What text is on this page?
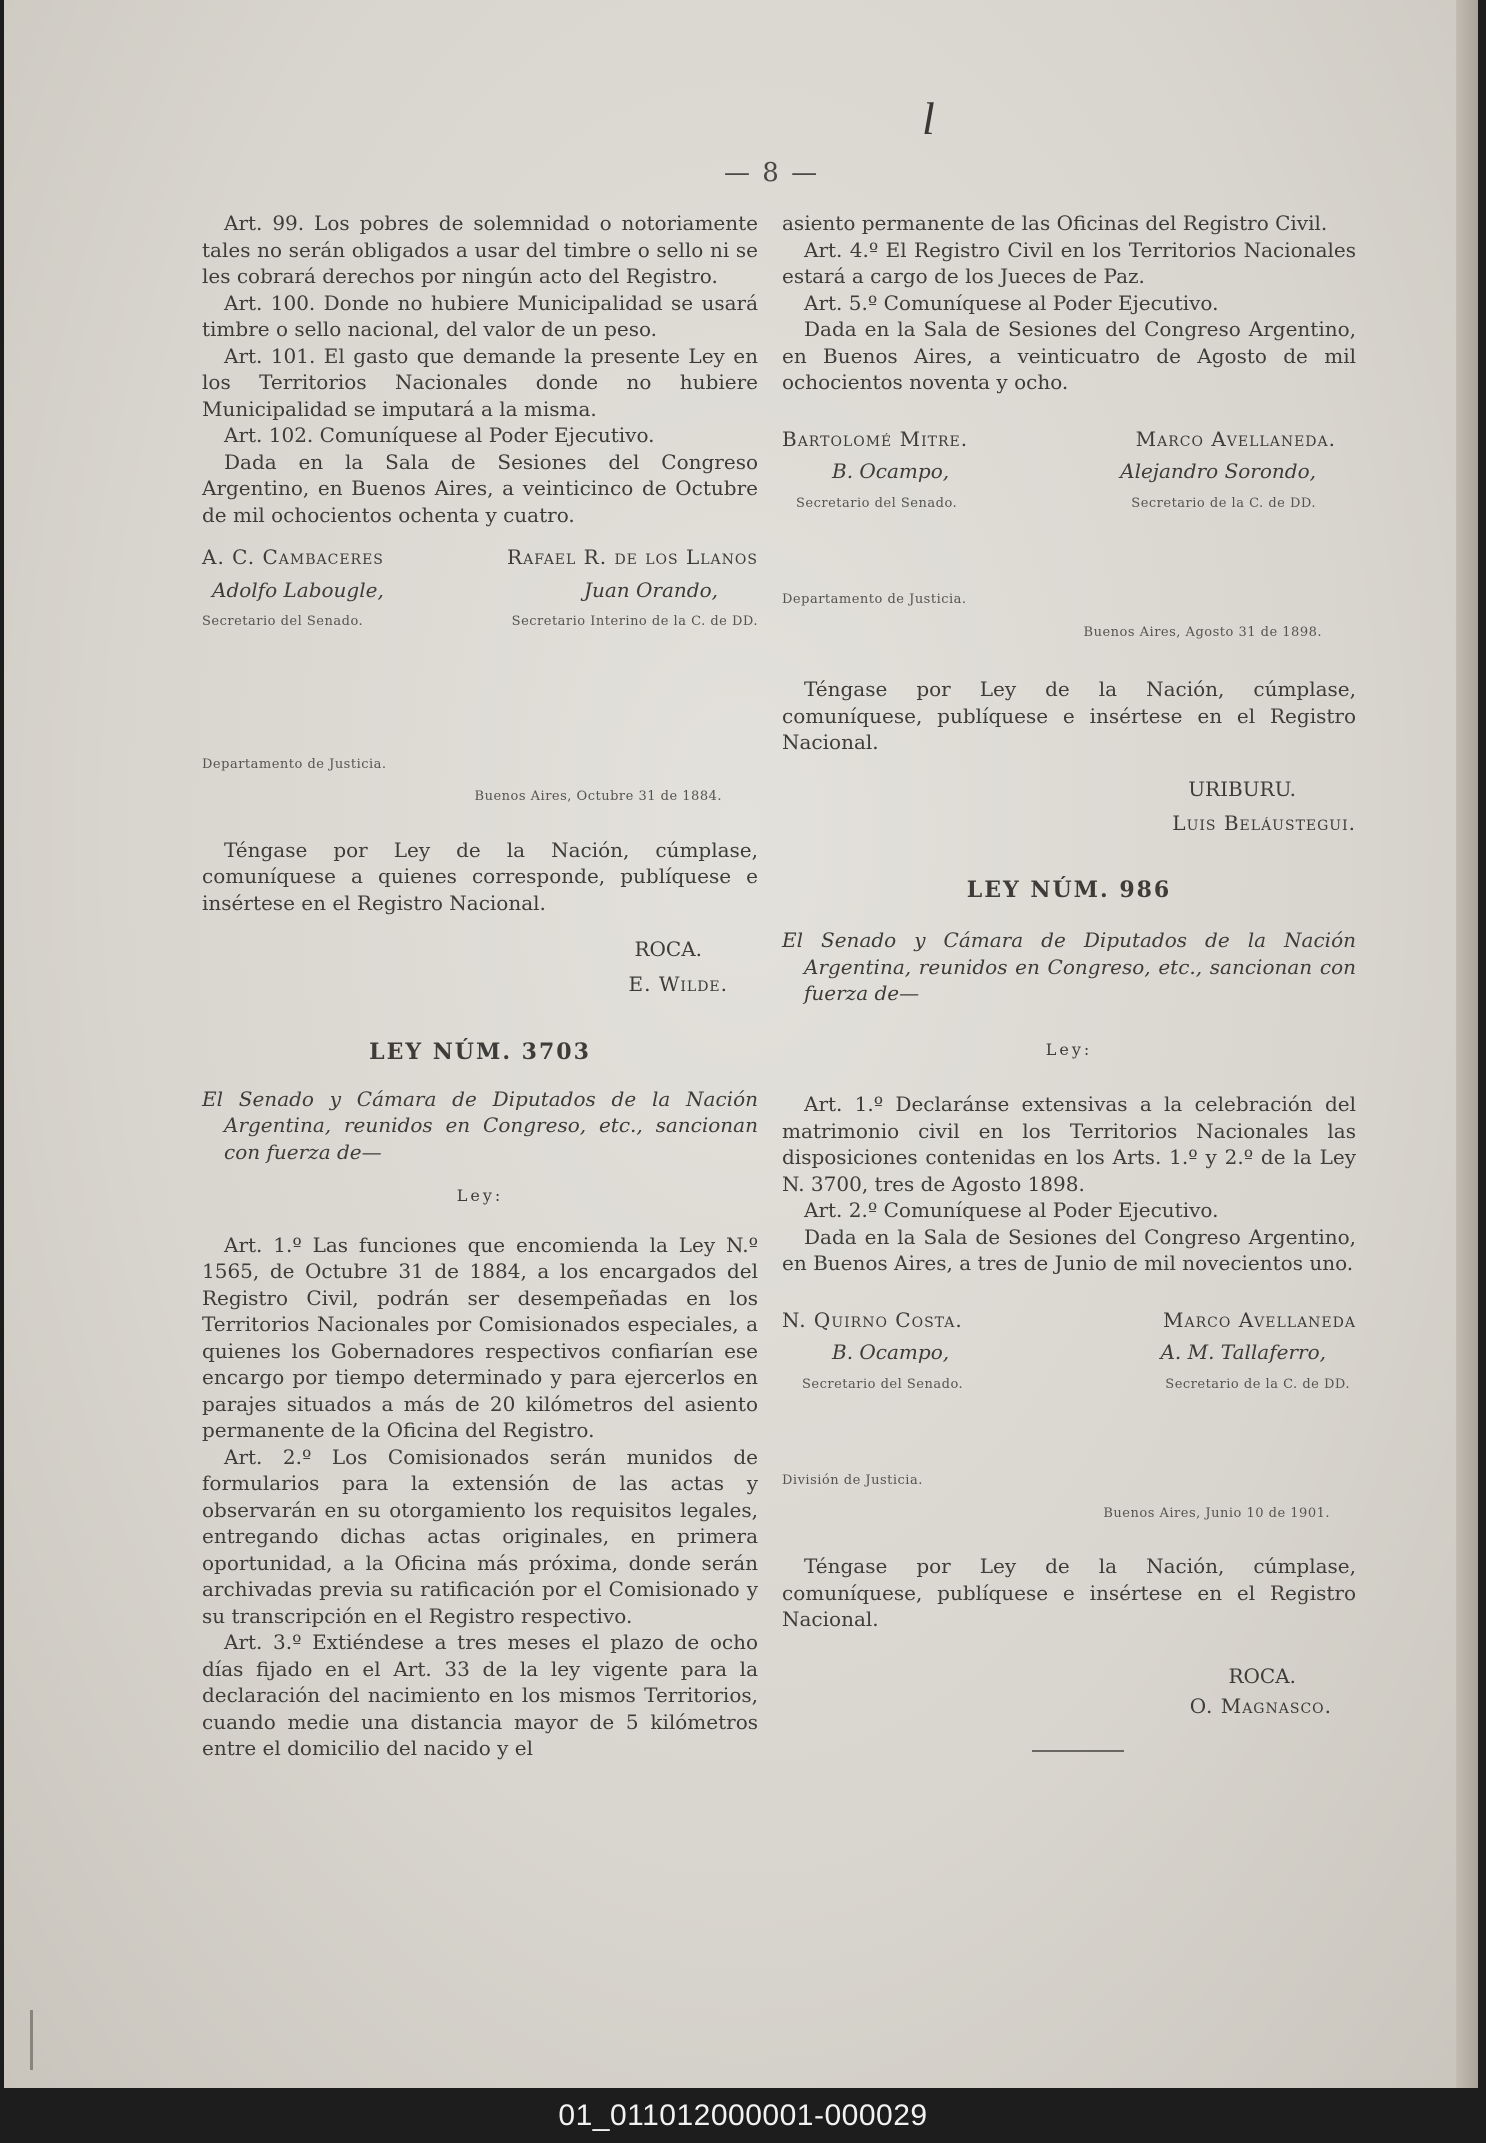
l
— 8 —

Art. 99. Los pobres de solemnidad o notoriamente tales no serán obligados a usar del timbre o sello ni se les cobrará derechos por ningún acto del Registro.

Art. 100. Donde no hubiere Municipalidad se usará timbre o sello nacional, del valor de un peso.

Art. 101. El gasto que demande la presente Ley en los Territorios Nacionales donde no hubiere Municipalidad se imputará a la misma.

Art. 102. Comuníquese al Poder Ejecutivo.

Dada en la Sala de Sesiones del Congreso Argentino, en Buenos Aires, a veinticinco de Octubre de mil ochocientos ochenta y cuatro.

A. C. Cambaceres	Rafael R. de los Llanos
Adolfo Labougle,	Juan Orando,
Secretario del Senado.	Secretario Interino de la C. de DD.

Departamento de Justicia.

Buenos Aires, Octubre 31 de 1884.

Téngase por Ley de la Nación, cúmplase, comuníquese a quienes corresponde, publíquese e insértese en el Registro Nacional.

ROCA.

E. Wilde.

LEY NÚM. 3703

El Senado y Cámara de Diputados de la Nación Argentina, reunidos en Congreso, etc., sancionan con fuerza de—

Ley:

Art. 1.º Las funciones que encomienda la Ley N.º 1565, de Octubre 31 de 1884, a los encargados del Registro Civil, podrán ser desempeñadas en los Territorios Nacionales por Comisionados especiales, a quienes los Gobernadores respectivos confiarían ese encargo por tiempo determinado y para ejercerlos en parajes situados a más de 20 kilómetros del asiento permanente de la Oficina del Registro.

Art. 2.º Los Comisionados serán munidos de formularios para la extensión de las actas y observarán en su otorgamiento los requisitos legales, entregando dichas actas originales, en primera oportunidad, a la Oficina más próxima, donde serán archivadas previa su ratificación por el Comisionado y su transcripción en el Registro respectivo.

Art. 3.º Extiéndese a tres meses el plazo de ocho días fijado en el Art. 33 de la ley vigente para la declaración del nacimiento en los mismos Territorios, cuando medie una distancia mayor de 5 kilómetros entre el domicilio del nacido y el

asiento permanente de las Oficinas del Registro Civil.

Art. 4.º El Registro Civil en los Territorios Nacionales estará a cargo de los Jueces de Paz.

Art. 5.º Comuníquese al Poder Ejecutivo.

Dada en la Sala de Sesiones del Congreso Argentino, en Buenos Aires, a veinticuatro de Agosto de mil ochocientos noventa y ocho.

Bartolomé Mitre.	Marco Avellaneda.
B. Ocampo,	Alejandro Sorondo,
Secretario del Senado.	Secretario de la C. de DD.

Departamento de Justicia.

Buenos Aires, Agosto 31 de 1898.

Téngase por Ley de la Nación, cúmplase, comuníquese, publíquese e insértese en el Registro Nacional.

URIBURU.

Luis Beláustegui.

LEY NÚM. 986

El Senado y Cámara de Diputados de la Nación Argentina, reunidos en Congreso, etc., sancionan con fuerza de—

Ley:

Art. 1.º Declaránse extensivas a la celebración del matrimonio civil en los Territorios Nacionales las disposiciones contenidas en los Arts. 1.º y 2.º de la Ley N. 3700, tres de Agosto 1898.

Art. 2.º Comuníquese al Poder Ejecutivo.

Dada en la Sala de Sesiones del Congreso Argentino, en Buenos Aires, a tres de Junio de mil novecientos uno.

N. Quirno Costa.	Marco Avellaneda
B. Ocampo,	A. M. Tallaferro,
Secretario del Senado.	Secretario de la C. de DD.

División de Justicia.

Buenos Aires, Junio 10 de 1901.

Téngase por Ley de la Nación, cúmplase, comuníquese, publíquese e insértese en el Registro Nacional.

ROCA.

O. Magnasco.

01_011012000001-000029
